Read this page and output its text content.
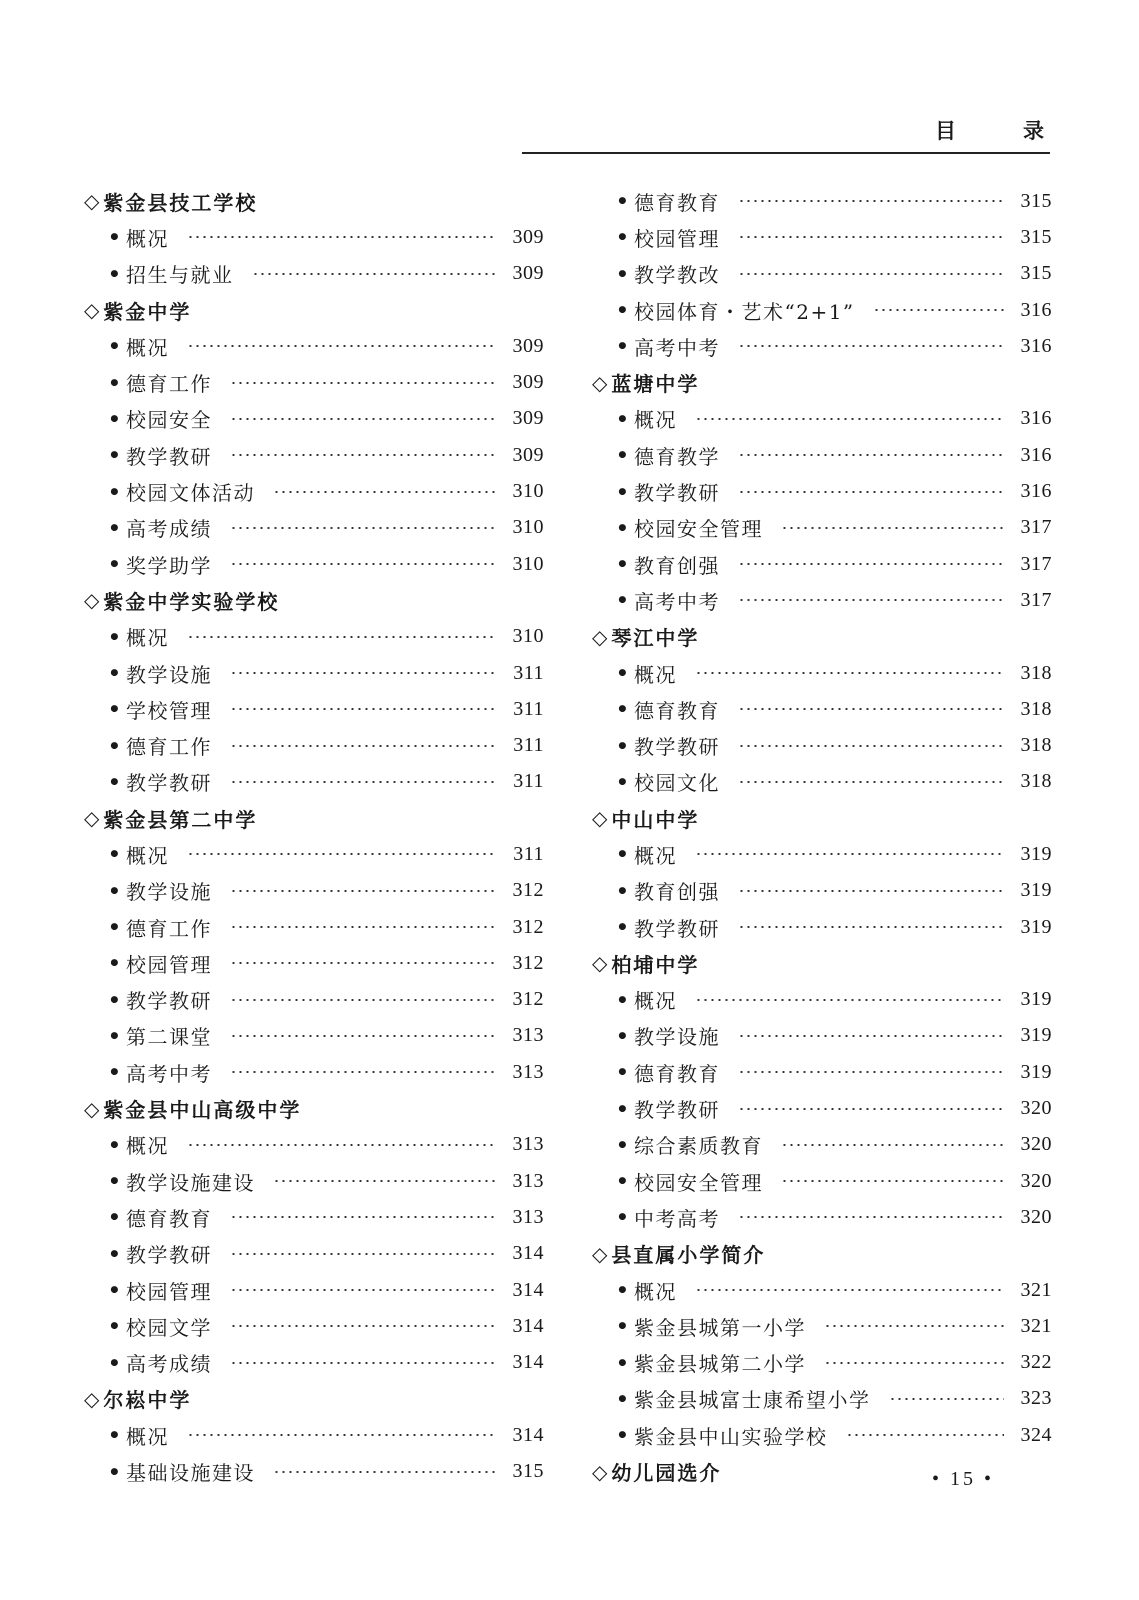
目	录
◇ 紫金县技工学校
• 概况	309
• 招生与就业	309
◇ 紫金中学
• 概况	309
• 德育工作	309
• 校园安全	309
• 教学教研	309
• 校园文体活动	310
• 高考成绩	310
• 奖学助学	310
◇ 紫金中学实验学校
• 概况	310
• 教学设施	311
• 学校管理	311
• 德育工作	311
• 教学教研	311
◇ 紫金县第二中学
• 概况	311
• 教学设施	312
• 德育工作	312
• 校园管理	312
• 教学教研	312
• 第二课堂	313
• 高考中考	313
◇ 紫金县中山高级中学
• 概况	313
• 教学设施建设	313
• 德育教育	313
• 教学教研	314
• 校园管理	314
• 校园文学	314
• 高考成绩	314
◇ 尔崧中学
• 概况	314
• 基础设施建设	315
• 德育教育	315
• 校园管理	315
• 教学教改	315
• 校园体育・艺术“2+1”	316
• 高考中考	316
◇ 蓝塘中学
• 概况	316
• 德育教学	316
• 教学教研	316
• 校园安全管理	317
• 教育创强	317
• 高考中考	317
◇ 琴江中学
• 概况	318
• 德育教育	318
• 教学教研	318
• 校园文化	318
◇ 中山中学
• 概况	319
• 教育创强	319
• 教学教研	319
◇ 柏埔中学
• 概况	319
• 教学设施	319
• 德育教育	319
• 教学教研	320
• 综合素质教育	320
• 校园安全管理	320
• 中考高考	320
◇ 县直属小学简介
• 概况	321
• 紫金县城第一小学	321
• 紫金县城第二小学	322
• 紫金县城富士康希望小学	323
• 紫金县中山实验学校	324
◇ 幼儿园选介	• 15 •
